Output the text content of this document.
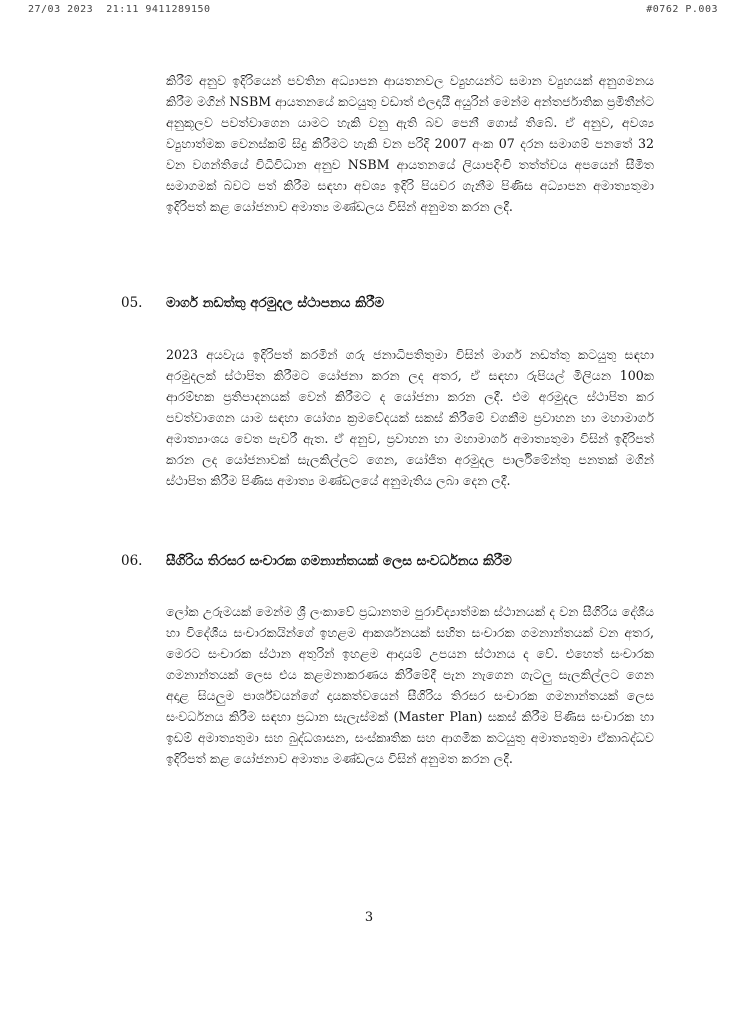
27/03 2023  21:11 9411289150	#0762 P.003

කිරීම් අනුව ඉදිරියෙන් පවතින අධ්‍යාපන ආයතනවල ව්‍යුහයන්ට සමාන ව්‍යුහයක් අනුගමනය කිරීම මගින් NSBM ආයතනයේ කටයුතු වඩාත් ඵලදායී අයුරින් මෙන්ම අන්තර්ජාතික ප්‍රමිතීන්ට අනුකූලව පවත්වාගෙන යාමට හැකි වනු ඇති බව පෙනී ගොස් තිබේ. ඒ අනුව, අවශ්‍ය ව්‍යුහාත්මක වෙනස්කම් සිදු කිරීමට හැකි වන පරිදි 2007 අංක 07 දරන සමාගම් පනතේ 32 වන වගන්තියේ විධිවිධාන අනුව NSBM ආයතනයේ ලියාපදිංචි තත්ත්වය අපයෙන් සීමිත සමාගමක් බවට පත් කිරීම සඳහා අවශ්‍ය ඉදිරි පියවර ගැනීම පිණිස අධ්‍යාපන අමාත්‍යතුමා ඉදිරිපත් කළ යෝජනාව අමාත්‍ය මණ්ඩලය විසින් අනුමත කරන ලදී.

05. මාර්ග නඩත්තු අරමුදල ස්ථාපනය කිරීම

2023 අයවැය ඉදිරිපත් කරමින් ගරු ජනාධිපතිතුමා විසින් මාර්ග නඩත්තු කටයුතු සඳහා අරමුදලක් ස්ථාපිත කිරීමට යෝජනා කරන ලද අතර, ඒ සඳහා රුපියල් මිලියන 100ක ආරම්භක ප්‍රතිපාදනයක් වෙන් කිරීමට ද යෝජනා කරන ලදී. එම අරමුදල ස්ථාපිත කර පවත්වාගෙන යාම සඳහා යෝග්‍ය ක්‍රමවේදයක් සකස් කිරීමේ වගකීම ප්‍රවාහන හා මහාමාර්ග අමාත්‍යාංශය වෙත පැවරී ඇත. ඒ අනුව, ප්‍රවාහන හා මහාමාර්ග අමාත්‍යතුමා විසින් ඉදිරිපත් කරන ලද යෝජනාවක් සැලකිල්ලට ගෙන, යෝජිත අරමුදල පාර්ලිමේන්තු පනතක් මගින් ස්ථාපිත කිරීම පිණිස අමාත්‍ය මණ්ඩලයේ අනුමැතිය ලබා දෙන ලදී.

06. සීගිරිය තිරසර සංචාරක ගමනාන්තයක් ලෙස සංවර්ධනය කිරීම

ලෝක උරුමයක් මෙන්ම ශ්‍රී ලංකාවේ ප්‍රධානතම පුරාවිද්‍යාත්මක ස්ථානයක් ද වන සීගිරිය දේශීය හා විදේශීය සංචාරකයින්ගේ ඉහළම ආකර්ශනයක් සහිත සංචාරක ගමනාන්තයක් වන අතර, මෙරට සංචාරක ස්ථාන අතුරින් ඉහළම ආදායම් උපයන ස්ථානය ද වේ. එහෙත් සංචාරක ගමනාන්තයක් ලෙස එය කළමනාකරණය කිරීමේදී පැන නැගෙන ගැටලු සැලකිල්ලට ගෙන අදාළ සියලුම පාර්ශ්වයන්ගේ දායකත්වයෙන් සීගිරිය තිරසර සංචාරක ගමනාන්තයක් ලෙස සංවර්ධනය කිරීම සඳහා ප්‍රධාන සැලැස්මක් (Master Plan) සකස් කිරීම පිණිස සංචාරක හා ඉඩම් අමාත්‍යතුමා සහ බුද්ධශාසන, සංස්කෘතික සහ ආගමික කටයුතු අමාත්‍යතුමා ඒකාබද්ධව ඉදිරිපත් කළ යෝජනාව අමාත්‍ය මණ්ඩලය විසින් අනුමත කරන ලදී.

3
